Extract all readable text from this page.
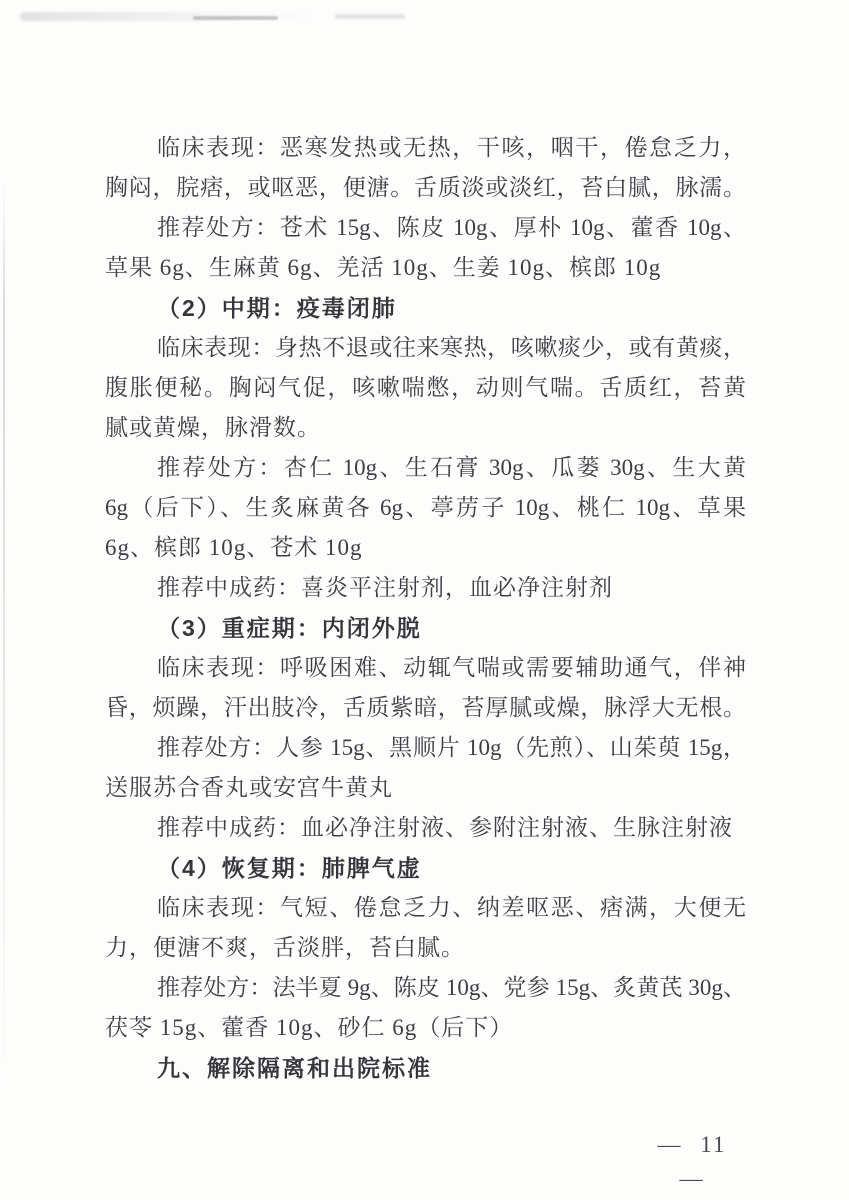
临床表现：恶寒发热或无热，干咳，咽干，倦怠乏力，

胸闷，脘痞，或呕恶，便溏。舌质淡或淡红，苔白腻，脉濡。

推荐处方：苍术 15g、陈皮 10g、厚朴 10g、藿香 10g、

草果 6g、生麻黄 6g、羌活 10g、生姜 10g、槟郎 10g

（2）中期：疫毒闭肺

临床表现：身热不退或往来寒热，咳嗽痰少，或有黄痰，

腹胀便秘。胸闷气促，咳嗽喘憋，动则气喘。舌质红，苔黄

腻或黄燥，脉滑数。

推荐处方：杏仁 10g、生石膏 30g、瓜蒌 30g、生大黄

6g（后下）、生炙麻黄各 6g、葶苈子 10g、桃仁 10g、草果

6g、槟郎 10g、苍术 10g

推荐中成药：喜炎平注射剂，血必净注射剂

（3）重症期：内闭外脱

临床表现：呼吸困难、动辄气喘或需要辅助通气，伴神

昏，烦躁，汗出肢冷，舌质紫暗，苔厚腻或燥，脉浮大无根。

推荐处方：人参 15g、黑顺片 10g（先煎）、山茱萸 15g，

送服苏合香丸或安宫牛黄丸

推荐中成药：血必净注射液、参附注射液、生脉注射液

（4）恢复期：肺脾气虚

临床表现：气短、倦怠乏力、纳差呕恶、痞满，大便无

力，便溏不爽，舌淡胖，苔白腻。

推荐处方：法半夏 9g、陈皮 10g、党参 15g、炙黄芪 30g、

茯苓 15g、藿香 10g、砂仁 6g（后下）

九、解除隔离和出院标准

— 11 —
